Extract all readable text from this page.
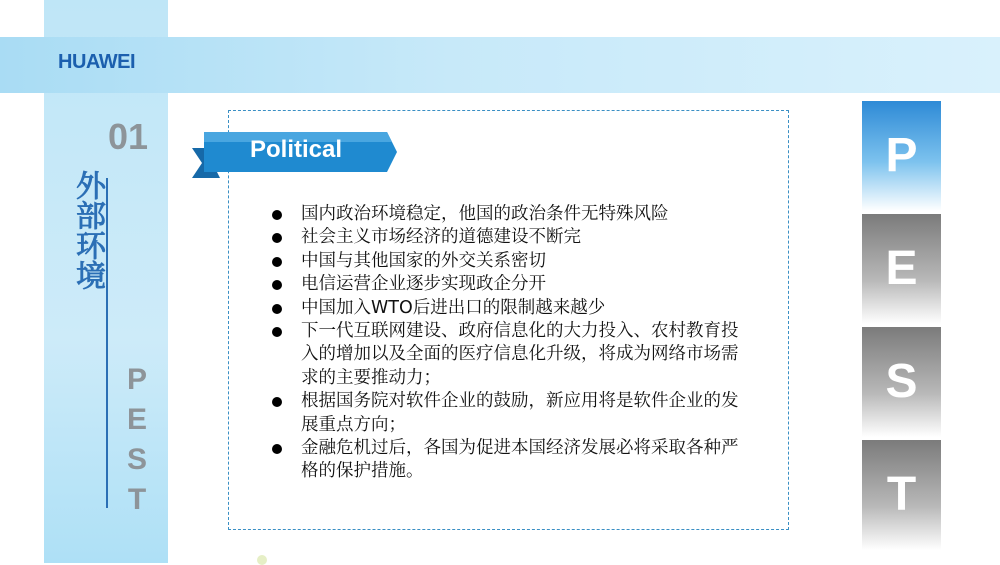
HUAWEI
01
外部环境
P
E
S
T
Political
国内政治环境稳定，他国的政治条件无特殊风险
社会主义市场经济的道德建设不断完
中国与其他国家的外交关系密切
电信运营企业逐步实现政企分开
中国加入WTO后进出口的限制越来越少
下一代互联网建设、政府信息化的大力投入、农村教育投入的增加以及全面的医疗信息化升级，将成为网络市场需求的主要推动力；
根据国务院对软件企业的鼓励，新应用将是软件企业的发展重点方向；
金融危机过后，各国为促进本国经济发展必将采取各种严格的保护措施。
P
E
S
T
